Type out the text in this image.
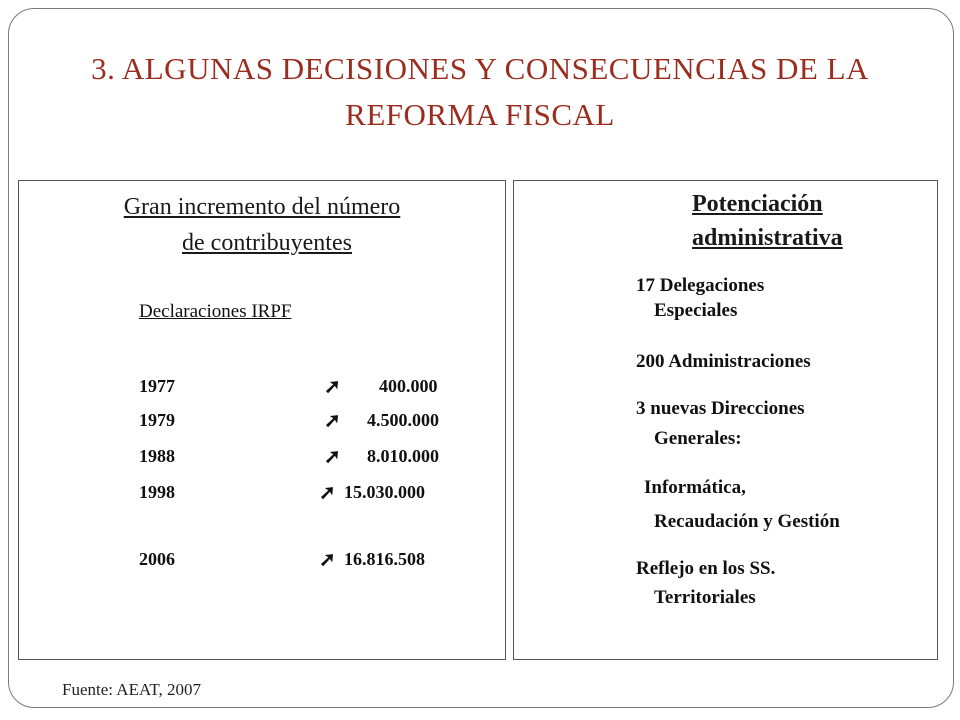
3. ALGUNAS DECISIONES Y CONSECUENCIAS DE LA
REFORMA FISCAL
Gran incremento del número
de contribuyentes
Declaraciones IRPF
1977	➚ 400.000
1979	➚ 4.500.000
1988	➚ 8.010.000
1998	➚ 15.030.000
2006	➚ 16.816.508
Potenciación
administrativa
17 Delegaciones
Especiales
200 Administraciones
3 nuevas Direcciones
Generales:
Informática,
Recaudación y Gestión
Reflejo en los SS.
Territoriales
Fuente: AEAT, 2007
